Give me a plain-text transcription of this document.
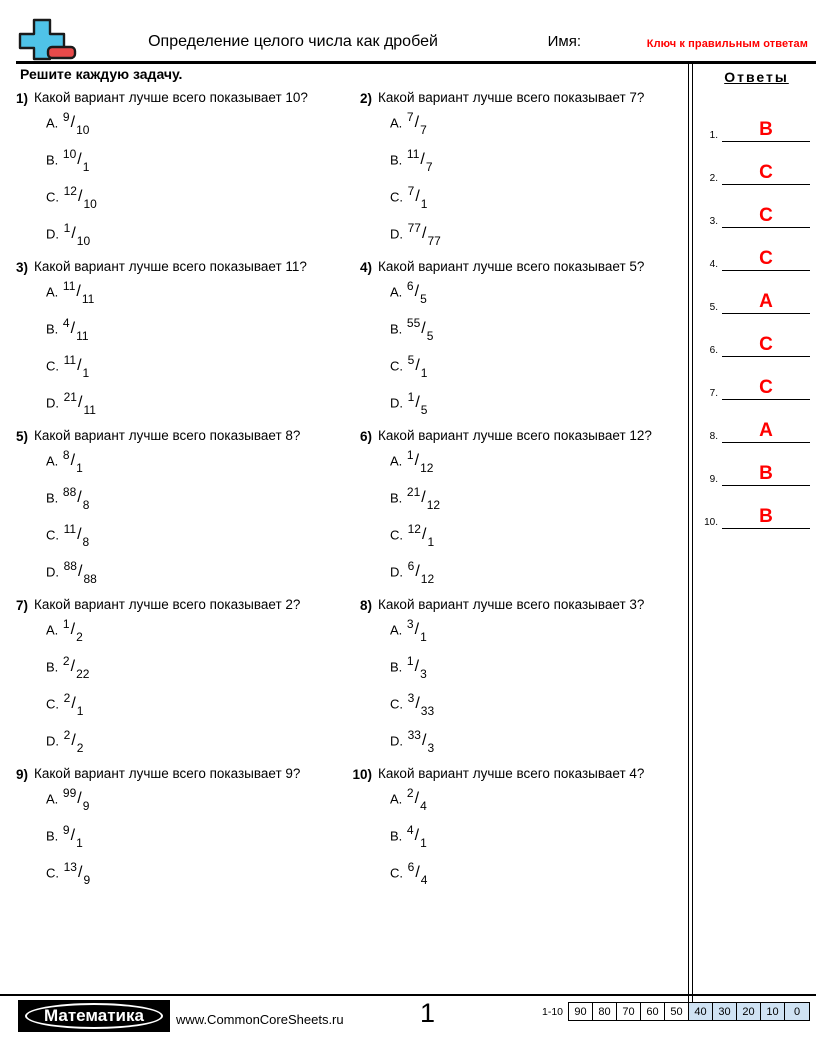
Определение целого числа как дробей	Имя:	Ключ к правильным ответам
Решите каждую задачу.
1) Какой вариант лучше всего показывает 10?
A. 9/10
B. 10/1
C. 12/10
D. 1/10
2) Какой вариант лучше всего показывает 7?
A. 7/7
B. 11/7
C. 7/1
D. 77/77
3) Какой вариант лучше всего показывает 11?
A. 11/11
B. 4/11
C. 11/1
D. 21/11
4) Какой вариант лучше всего показывает 5?
A. 6/5
B. 55/5
C. 5/1
D. 1/5
5) Какой вариант лучше всего показывает 8?
A. 8/1
B. 88/8
C. 11/8
D. 88/88
6) Какой вариант лучше всего показывает 12?
A. 1/12
B. 21/12
C. 12/1
D. 6/12
7) Какой вариант лучше всего показывает 2?
A. 1/2
B. 2/22
C. 2/1
D. 2/2
8) Какой вариант лучше всего показывает 3?
A. 3/1
B. 1/3
C. 3/33
D. 33/3
9) Какой вариант лучше всего показывает 9?
A. 99/9
B. 9/1
C. 13/9
10) Какой вариант лучше всего показывает 4?
A. 2/4
B. 4/1
C. 6/4
Ответы
1.	B
2.	C
3.	C
4.	C
5.	A
6.	C
7.	C
8.	A
9.	B
10.	B
Математика www.CommonCoreSheets.ru	1	1-10	90	80	70	60	50	40	30	20	10	0
